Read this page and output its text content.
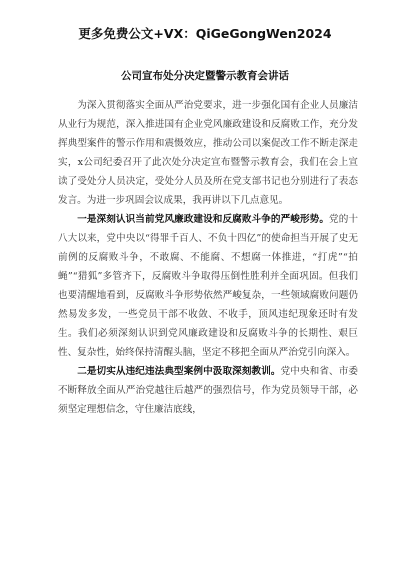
更多免费公文+VX：QiGeGongWen2024
公司宣布处分决定暨警示教育会讲话

为深入贯彻落实全面从严治党要求，进一步强化国有企业人员廉洁从业行为规范，深入推进国有企业党风廉政建设和反腐败工作，充分发挥典型案件的警示作用和震慑效应，推动公司以案促改工作不断走深走实，x公司纪委召开了此次处分决定宣布暨警示教育会，我们在会上宣读了受处分人员决定，受处分人员及所在党支部书记也分别进行了表态发言。为进一步巩固会议成果，我再讲以下几点意见。

一是深刻认识当前党风廉政建设和反腐败斗争的严峻形势。党的十八大以来，党中央以“得罪千百人、不负十四亿”的使命担当开展了史无前例的反腐败斗争，不敢腐、不能腐、不想腐一体推进，“打虎”“拍蝇”“猎狐”多管齐下，反腐败斗争取得压倒性胜利并全面巩固。但我们也要清醒地看到，反腐败斗争形势依然严峻复杂，一些领域腐败问题仍然易发多发，一些党员干部不收敛、不收手，顶风违纪现象还时有发生。我们必须深刻认识到党风廉政建设和反腐败斗争的长期性、艰巨性、复杂性，始终保持清醒头脑，坚定不移把全面从严治党引向深入。

二是切实从违纪违法典型案例中汲取深刻教训。党中央和省、市委不断释放全面从严治党越往后越严的强烈信号，作为党员领导干部，必须坚定理想信念，守住廉洁底线，
